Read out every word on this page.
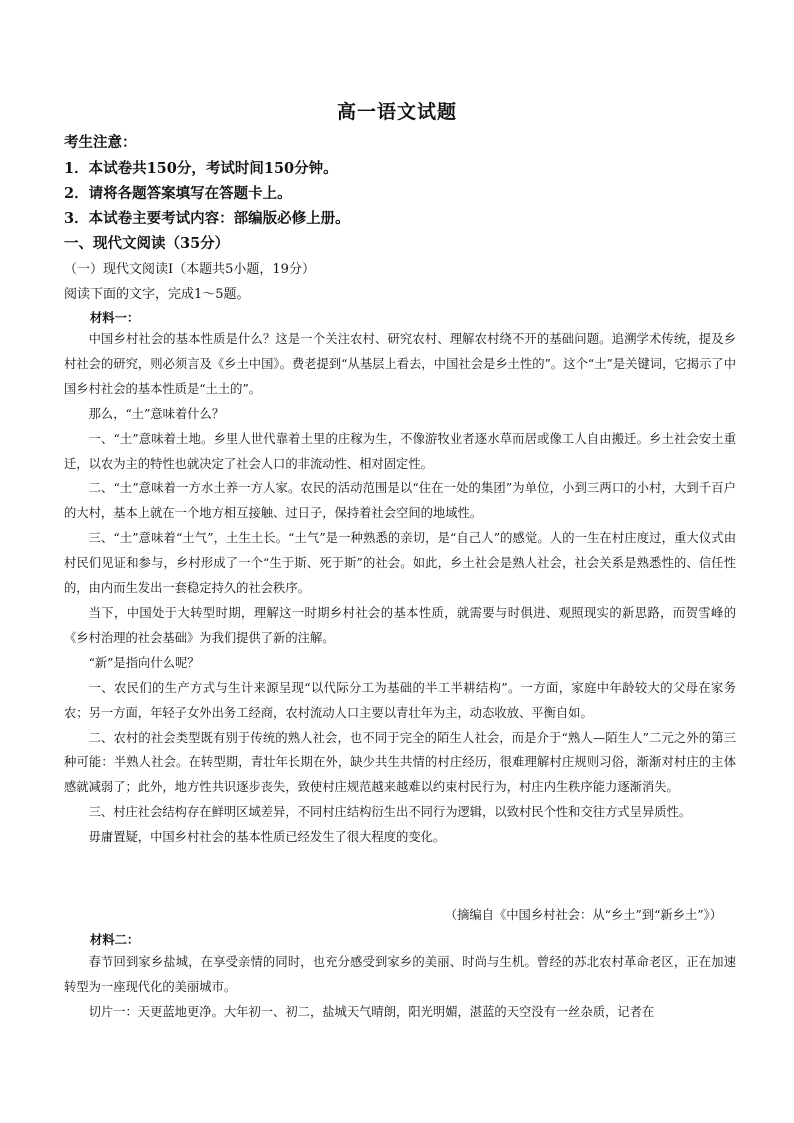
高一语文试题
考生注意：
1．本试卷共150分，考试时间150分钟。
2．请将各题答案填写在答题卡上。
3．本试卷主要考试内容：部编版必修上册。
一、现代文阅读（35分）
（一）现代文阅读Ⅰ（本题共5小题，19分）
阅读下面的文字，完成1～5题。
材料一：

中国乡村社会的基本性质是什么？这是一个关注农村、研究农村、理解农村绕不开的基础问题。追溯学术传统，提及乡村社会的研究，则必须言及《乡土中国》。费老提到“从基层上看去，中国社会是乡土性的”。这个“土”是关键词，它揭示了中国乡村社会的基本性质是“土土的”。

那么，“土”意味着什么？

一、“土”意味着土地。乡里人世代靠着土里的庄稼为生，不像游牧业者逐水草而居或像工人自由搬迁。乡土社会安土重迁，以农为主的特性也就决定了社会人口的非流动性、相对固定性。

二、“土”意味着一方水土养一方人家。农民的活动范围是以“住在一处的集团”为单位，小到三两口的小村，大到千百户的大村，基本上就在一个地方相互接触、过日子，保持着社会空间的地域性。

三、“土”意味着“土气”，土生土长。“土气”是一种熟悉的亲切，是“自己人”的感觉。人的一生在村庄度过，重大仪式由村民们见证和参与，乡村形成了一个“生于斯、死于斯”的社会。如此，乡土社会是熟人社会，社会关系是熟悉性的、信任性的，由内而生发出一套稳定持久的社会秩序。

当下，中国处于大转型时期，理解这一时期乡村社会的基本性质，就需要与时俱进、观照现实的新思路，而贺雪峰的《乡村治理的社会基础》为我们提供了新的注解。

“新”是指向什么呢？

一、农民们的生产方式与生计来源呈现“以代际分工为基础的半工半耕结构”。一方面，家庭中年龄较大的父母在家务农；另一方面，年轻子女外出务工经商，农村流动人口主要以青壮年为主，动态收放、平衡自如。

二、农村的社会类型既有别于传统的熟人社会，也不同于完全的陌生人社会，而是介于“熟人—陌生人”二元之外的第三种可能：半熟人社会。在转型期，青壮年长期在外，缺少共生共情的村庄经历，很难理解村庄规则习俗，渐渐对村庄的主体感就减弱了；此外，地方性共识逐步丧失，致使村庄规范越来越难以约束村民行为，村庄内生秩序能力逐渐消失。

三、村庄社会结构存在鲜明区域差异，不同村庄结构衍生出不同行为逻辑，以致村民个性和交往方式呈异质性。

毋庸置疑，中国乡村社会的基本性质已经发生了很大程度的变化。

（摘编自《中国乡村社会：从“乡土”到“新乡土”》）
材料二：

春节回到家乡盐城，在享受亲情的同时，也充分感受到家乡的美丽、时尚与生机。曾经的苏北农村革命老区，正在加速转型为一座现代化的美丽城市。

切片一：天更蓝地更净。大年初一、初二，盐城天气晴朗，阳光明媚，湛蓝的天空没有一丝杂质，记者在
